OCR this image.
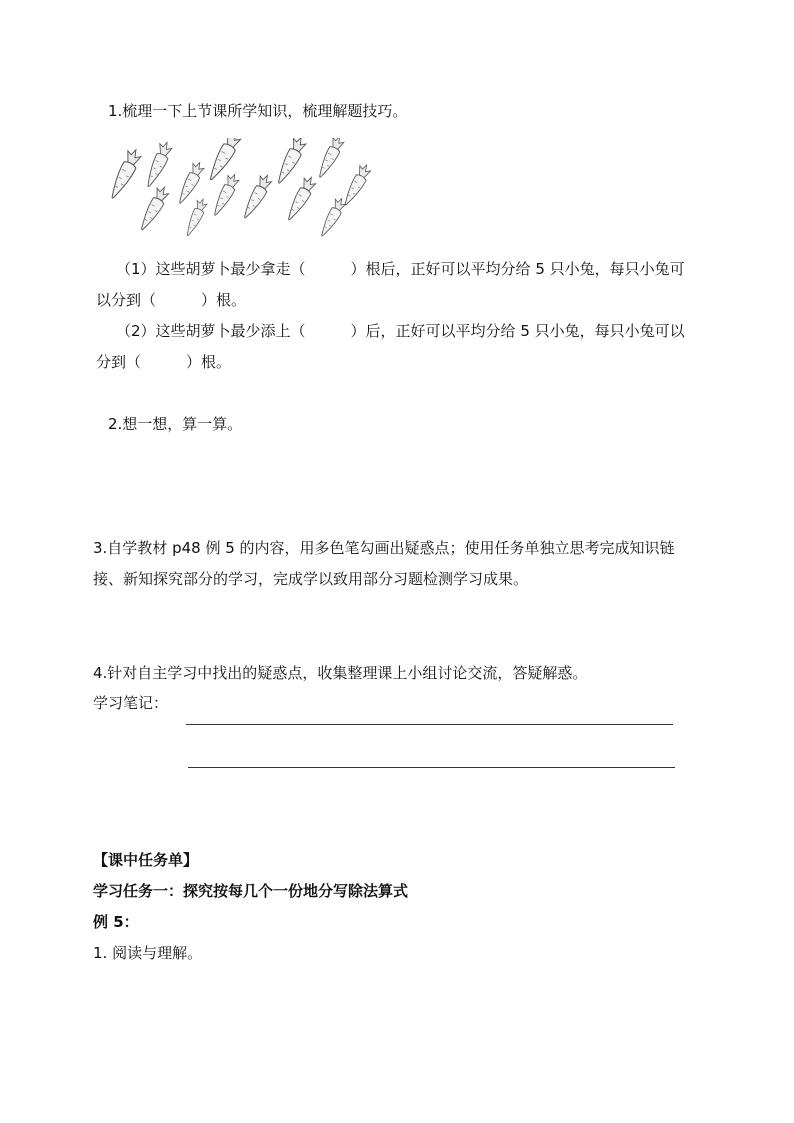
1.梳理一下上节课所学知识，梳理解题技巧。
（1）这些胡萝卜最少拿走（　　　）根后，正好可以平均分给 5 只小兔，每只小兔可
以分到（　　　）根。
（2）这些胡萝卜最少添上（　　　）后，正好可以平均分给 5 只小兔，每只小兔可以
分到（　　　）根。
2.想一想，算一算。
3.自学教材 p48 例 5 的内容，用多色笔勾画出疑惑点；使用任务单独立思考完成知识链
接、新知探究部分的学习，完成学以致用部分习题检测学习成果。
4.针对自主学习中找出的疑惑点，收集整理课上小组讨论交流，答疑解惑。
学习笔记：
【课中任务单】
学习任务一：探究按每几个一份地分写除法算式
例 5：
1. 阅读与理解。
